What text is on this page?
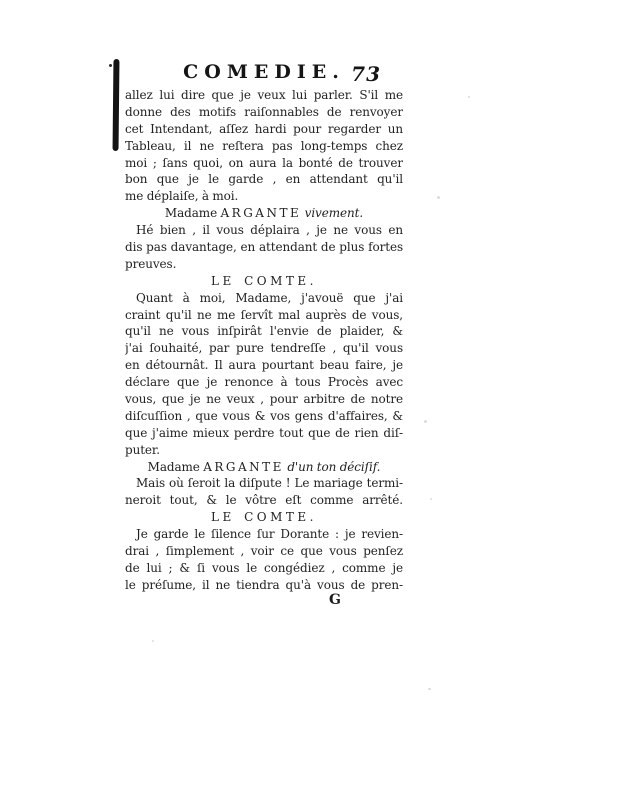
COMEDIE. 73
allez lui dire que je veux lui parler. S'il me
donne des motifs raiſonnables de renvoyer
cet Intendant, aſſez hardi pour regarder un
Tableau, il ne reſtera pas long-temps chez
moi ; ſans quoi, on aura la bonté de trouver
bon que je le garde , en attendant qu'il
me déplaiſe, à moi.
Madame ARGANTE vivement.
Hé bien , il vous déplaira , je ne vous en
dis pas davantage, en attendant de plus fortes
preuves.
LE COMTE.
Quant à moi, Madame, j'avouë que j'ai
craint qu'il ne me ſervît mal auprès de vous,
qu'il ne vous inſpirât l'envie de plaider, &
j'ai ſouhaité, par pure tendreſſe , qu'il vous
en détournât. Il aura pourtant beau faire, je
déclare que je renonce à tous Procès avec
vous, que je ne veux , pour arbitre de notre
diſcuſſion , que vous & vos gens d'affaires, &
que j'aime mieux perdre tout que de rien diſ-
puter.
Madame ARGANTE d'un ton déciſif.
Mais où ſeroit la diſpute ! Le mariage termi-
neroit tout, & le vôtre eſt comme arrêté.
LE COMTE.
Je garde le ſilence ſur Dorante : je revien-
drai , ſimplement , voir ce que vous penſez
de lui ; & ſi vous le congédiez , comme je
le préſume, il ne tiendra qu'à vous de pren-
G
